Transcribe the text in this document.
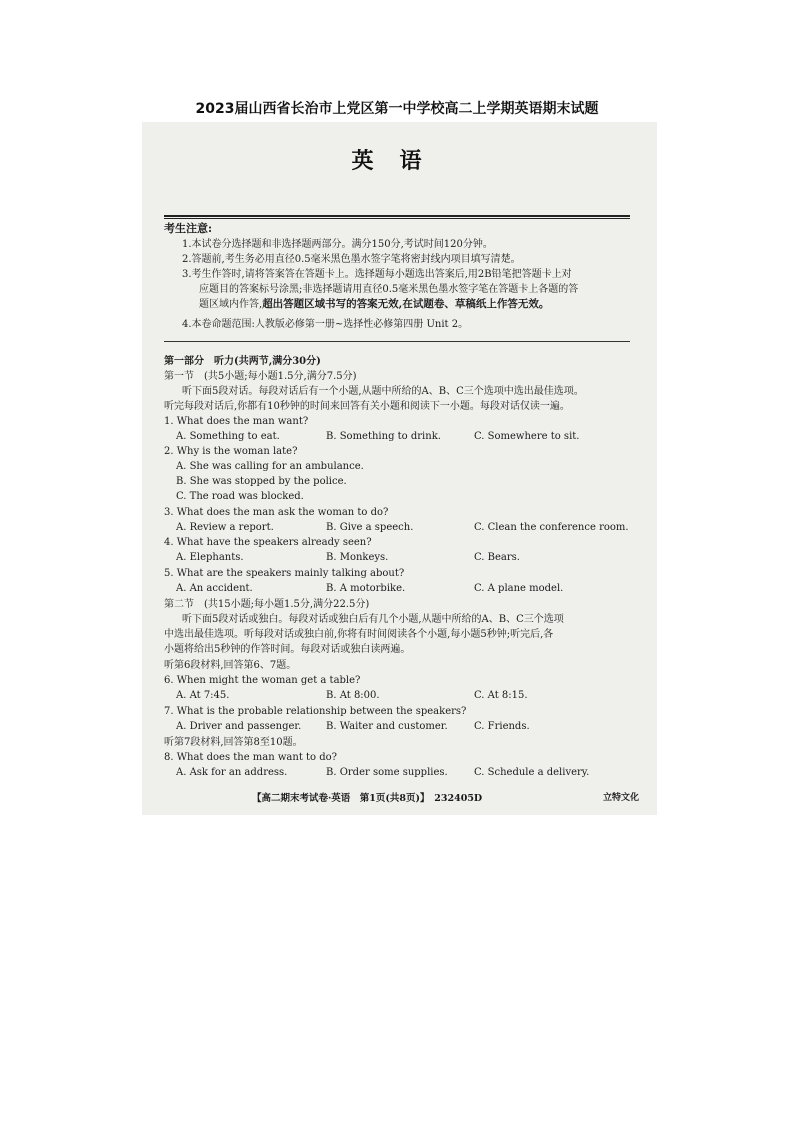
2023届山西省长治市上党区第一中学校高二上学期英语期末试题

英语
考生注意:
1.本试卷分选择题和非选择题两部分。满分150分,考试时间120分钟。
2.答题前,考生务必用直径0.5毫米黑色墨水签字笔将密封线内项目填写清楚。
3.考生作答时,请将答案答在答题卡上。选择题每小题选出答案后,用2B铅笔把答题卡上对
应题目的答案标号涂黑;非选择题请用直径0.5毫米黑色墨水签字笔在答题卡上各题的答
题区域内作答,超出答题区域书写的答案无效,在试题卷、草稿纸上作答无效。
4.本卷命题范围:人教版必修第一册~选择性必修第四册 Unit 2。
第一部分　听力(共两节,满分30分)
第一节　(共5小题;每小题1.5分,满分7.5分)
听下面5段对话。每段对话后有一个小题,从题中所给的A、B、C三个选项中选出最佳选项。
听完每段对话后,你都有10秒钟的时间来回答有关小题和阅读下一小题。每段对话仅读一遍。
1. What does the man want?
A. Something to eat.	B. Something to drink.	C. Somewhere to sit.
2. Why is the woman late?
A. She was calling for an ambulance.
B. She was stopped by the police.
C. The road was blocked.
3. What does the man ask the woman to do?
A. Review a report.	B. Give a speech.	C. Clean the conference room.
4. What have the speakers already seen?
A. Elephants.	B. Monkeys.	C. Bears.
5. What are the speakers mainly talking about?
A. An accident.	B. A motorbike.	C. A plane model.
第二节　(共15小题;每小题1.5分,满分22.5分)
听下面5段对话或独白。每段对话或独白后有几个小题,从题中所给的A、B、C三个选项
中选出最佳选项。听每段对话或独白前,你将有时间阅读各个小题,每小题5秒钟;听完后,各
小题将给出5秒钟的作答时间。每段对话或独白读两遍。
听第6段材料,回答第6、7题。
6. When might the woman get a table?
A. At 7:45.	B. At 8:00.	C. At 8:15.
7. What is the probable relationship between the speakers?
A. Driver and passenger. B. Waiter and customer.	C. Friends.
听第7段材料,回答第8至10题。
8. What does the man want to do?
A. Ask for an address.	B. Order some supplies.	C. Schedule a delivery.
【高二期末考试卷·英语　第1页(共8页)】　232405D	立特文化
